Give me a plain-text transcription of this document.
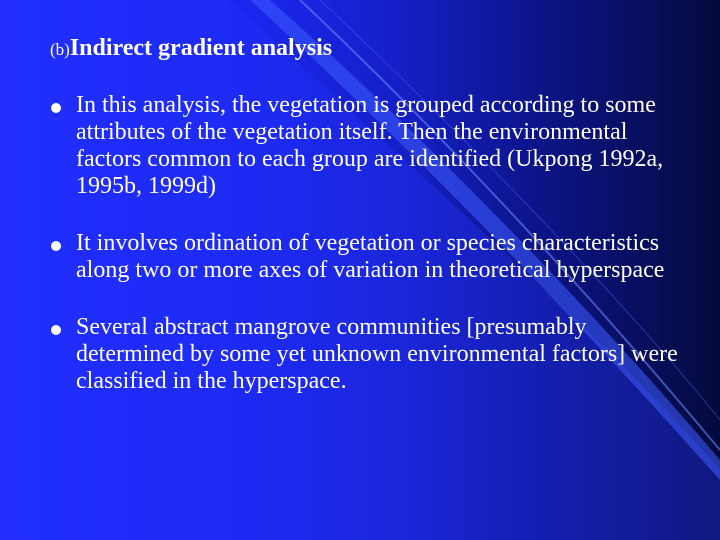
(b)Indirect gradient analysis
In this analysis, the vegetation is grouped according to some attributes of the vegetation itself. Then the environmental factors common to each group are identified (Ukpong 1992a, 1995b, 1999d)
It involves ordination of vegetation or species characteristics along two or more axes of variation in theoretical hyperspace
Several abstract mangrove communities [presumably determined by some yet unknown environmental factors] were classified in the hyperspace.
